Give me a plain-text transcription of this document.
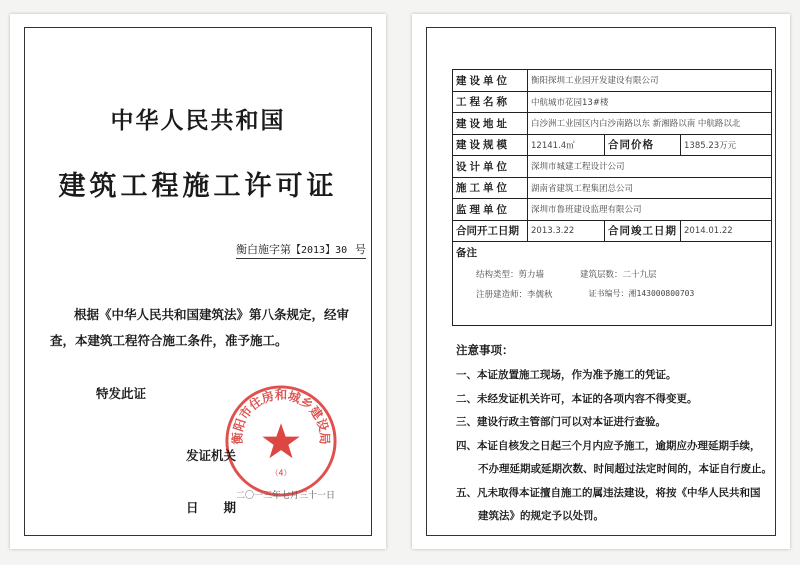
中华人民共和国
建筑工程施工许可证
衡白施字第【2013】30 号
根据《中华人民共和国建筑法》第八条规定，经审查，本建筑工程符合施工条件，准予施工。
特发此证
衡阳市住房和城乡建设局
（4）
发证机关
二〇一三年七月三十一日
日　　期
建设单位	衡阳探圳工业园开发建设有限公司		
工程名称	中航城市花园13#楼		
建设地址	白沙洲工业园区内白沙南路以东 新湘路以南 中航路以北		
建设规模	12141.4㎡	合同价格	1385.23万元
设计单位	深圳市城建工程设计公司		
施工单位	湖南省建筑工程集团总公司		
监理单位	深圳市鲁班建设监理有限公司		
合同开工日期	2013.3.22	合同竣工日期	2014.01.22

备注
结构类型：剪力墙 建筑层数：二十九层
注册建造师：李儒秋 证书编号：湘143000800703			
注意事项：
一、本证放置施工现场，作为准予施工的凭证。
二、未经发证机关许可，本证的各项内容不得变更。
三、建设行政主管部门可以对本证进行查验。
四、本证自核发之日起三个月内应予施工，逾期应办理延期手续，
不办理延期或延期次数、时间超过法定时间的，本证自行废止。
五、凡未取得本证擅自施工的属违法建设，将按《中华人民共和国
建筑法》的规定予以处罚。
